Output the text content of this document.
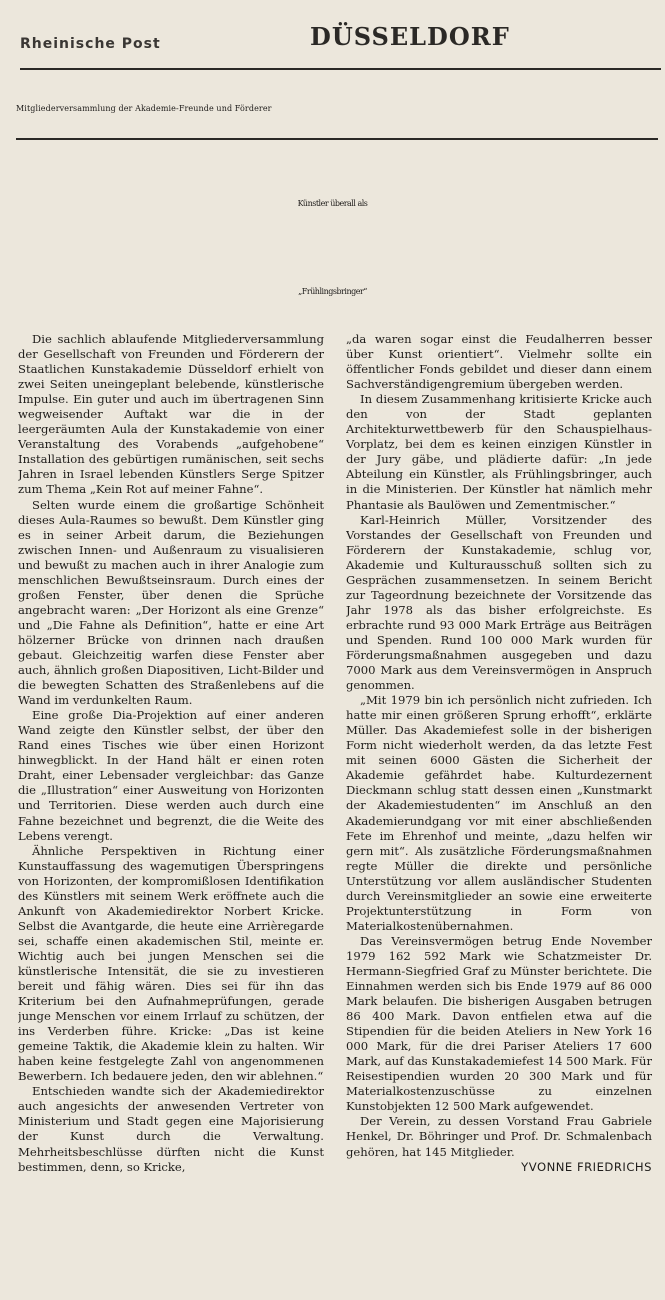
Rheinische Post	DÜSSELDORF
Mitgliederversammlung der Akademie-Freunde und Förderer
Künstler überall als
„Frühlingsbringer“

Die sachlich ablaufende Mitgliederversammlung der Gesellschaft von Freunden und Förderern der Staatlichen Kunstakademie Düsseldorf erhielt von zwei Seiten uneingeplant belebende, künstlerische Impulse. Ein guter und auch im übertragenen Sinn wegweisender Auftakt war die in der leergeräumten Aula der Kunstakademie von einer Veranstaltung des Vorabends „aufgehobene“ Installation des gebürtigen rumänischen, seit sechs Jahren in Israel lebenden Künstlers Serge Spitzer zum Thema „Kein Rot auf meiner Fahne“.

Selten wurde einem die großartige Schönheit dieses Aula-Raumes so bewußt. Dem Künstler ging es in seiner Arbeit darum, die Beziehungen zwischen Innen- und Außenraum zu visualisieren und bewußt zu machen auch in ihrer Analogie zum menschlichen Bewußtseinsraum. Durch eines der großen Fenster, über denen die Sprüche angebracht waren: „Der Horizont als eine Grenze“ und „Die Fahne als Definition“, hatte er eine Art hölzerner Brücke von drinnen nach draußen gebaut. Gleichzeitig warfen diese Fenster aber auch, ähnlich großen Diapositiven, Licht-Bilder und die bewegten Schatten des Straßenlebens auf die Wand im verdunkelten Raum.

Eine große Dia-Projektion auf einer anderen Wand zeigte den Künstler selbst, der über den Rand eines Tisches wie über einen Horizont hinwegblickt. In der Hand hält er einen roten Draht, einer Lebensader vergleichbar: das Ganze die „Illustration“ einer Ausweitung von Horizonten und Territorien. Diese werden auch durch eine Fahne bezeichnet und begrenzt, die die Weite des Lebens verengt.

Ähnliche Perspektiven in Richtung einer Kunstauffassung des wagemutigen Überspringens von Horizonten, der kompromißlosen Identifikation des Künstlers mit seinem Werk eröffnete auch die Ankunft von Akademiedirektor Norbert Kricke. Selbst die Avantgarde, die heute eine Arrièregarde sei, schaffe einen akademischen Stil, meinte er. Wichtig auch bei jungen Menschen sei die künstlerische Intensität, die sie zu investieren bereit und fähig wären. Dies sei für ihn das Kriterium bei den Aufnahmeprüfungen, gerade junge Menschen vor einem Irrlauf zu schützen, der ins Verderben führe. Kricke: „Das ist keine gemeine Taktik, die Akademie klein zu halten. Wir haben keine festgelegte Zahl von angenommenen Bewerbern. Ich bedauere jeden, den wir ablehnen.“

Entschieden wandte sich der Akademiedirektor auch angesichts der anwesenden Vertreter von Ministerium und Stadt gegen eine Majorisierung der Kunst durch die Verwaltung. Mehrheitsbeschlüsse dürften nicht die Kunst bestimmen, denn, so Kricke,

„da waren sogar einst die Feudalherren besser über Kunst orientiert“. Vielmehr sollte ein öffentlicher Fonds gebildet und dieser dann einem Sachverständigengremium übergeben werden.

In diesem Zusammenhang kritisierte Kricke auch den von der Stadt geplanten Architekturwettbewerb für den Schauspielhaus-Vorplatz, bei dem es keinen einzigen Künstler in der Jury gäbe, und plädierte dafür: „In jede Abteilung ein Künstler, als Frühlingsbringer, auch in die Ministerien. Der Künstler hat nämlich mehr Phantasie als Baulöwen und Zementmischer.“

Karl-Heinrich Müller, Vorsitzender des Vorstandes der Gesellschaft von Freunden und Förderern der Kunstakademie, schlug vor, Akademie und Kulturausschuß sollten sich zu Gesprächen zusammensetzen. In seinem Bericht zur Tageordnung bezeichnete der Vorsitzende das Jahr 1978 als das bisher erfolgreichste. Es erbrachte rund 93 000 Mark Erträge aus Beiträgen und Spenden. Rund 100 000 Mark wurden für Förderungsmaßnahmen ausgegeben und dazu 7000 Mark aus dem Vereinsvermögen in Anspruch genommen.

„Mit 1979 bin ich persönlich nicht zufrieden. Ich hatte mir einen größeren Sprung erhofft“, erklärte Müller. Das Akademiefest solle in der bisherigen Form nicht wiederholt werden, da das letzte Fest mit seinen 6000 Gästen die Sicherheit der Akademie gefährdet habe. Kulturdezernent Dieckmann schlug statt dessen einen „Kunstmarkt der Akademiestudenten“ im Anschluß an den Akademierundgang vor mit einer abschließenden Fete im Ehrenhof und meinte, „dazu helfen wir gern mit“. Als zusätzliche Förderungsmaßnahmen regte Müller die direkte und persönliche Unterstützung vor allem ausländischer Studenten durch Vereinsmitglieder an sowie eine erweiterte Projektunterstützung in Form von Materialkostenübernahmen.

Das Vereinsvermögen betrug Ende November 1979 162 592 Mark wie Schatzmeister Dr. Hermann-Siegfried Graf zu Münster berichtete. Die Einnahmen werden sich bis Ende 1979 auf 86 000 Mark belaufen. Die bisherigen Ausgaben betrugen 86 400 Mark. Davon entfielen etwa auf die Stipendien für die beiden Ateliers in New York 16 000 Mark, für die drei Pariser Ateliers 17 600 Mark, auf das Kunstakademiefest 14 500 Mark. Für Reisestipendien wurden 20 300 Mark und für Materialkostenzuschüsse zu einzelnen Kunstobjekten 12 500 Mark aufgewendet.

Der Verein, zu dessen Vorstand Frau Gabriele Henkel, Dr. Böhringer und Prof. Dr. Schmalenbach gehören, hat 145 Mitglieder.

YVONNE FRIEDRICHS
